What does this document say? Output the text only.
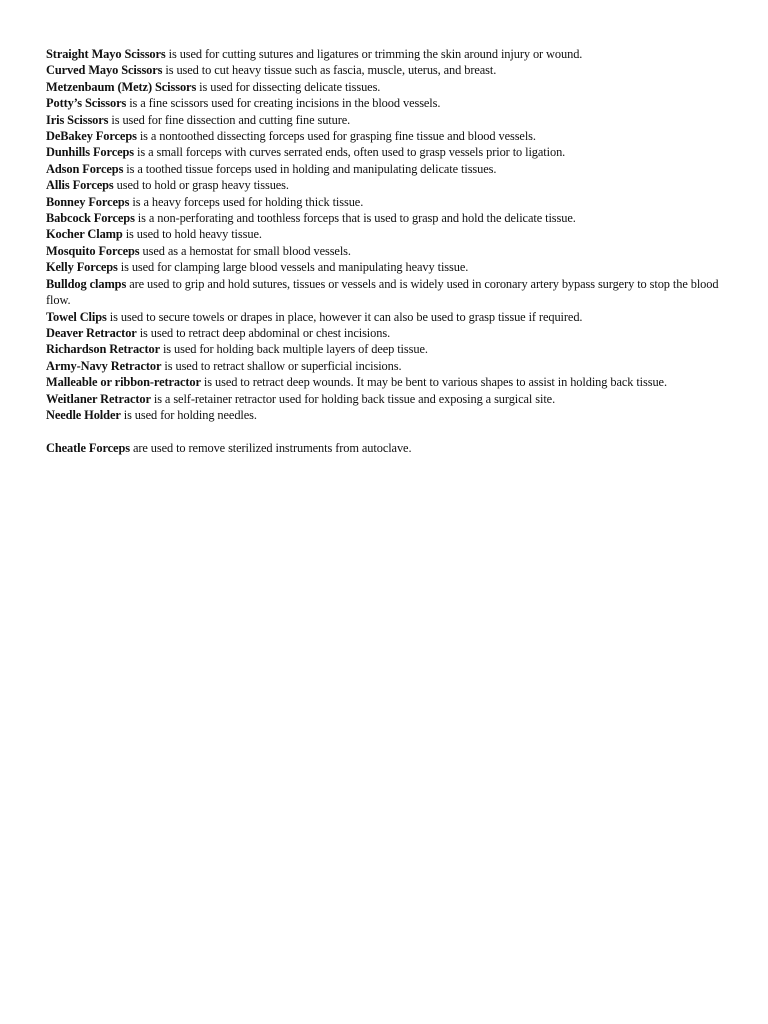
Straight Mayo Scissors is used for cutting sutures and ligatures or trimming the skin around injury or wound.

Curved Mayo Scissors is used to cut heavy tissue such as fascia, muscle, uterus, and breast.

Metzenbaum (Metz) Scissors is used for dissecting delicate tissues.

Potty’s Scissors is a fine scissors used for creating incisions in the blood vessels.

Iris Scissors is used for fine dissection and cutting fine suture.

DeBakey Forceps is a nontoothed dissecting forceps used for grasping fine tissue and blood vessels.

Dunhills Forceps is a small forceps with curves serrated ends, often used to grasp vessels prior to ligation.

Adson Forceps is a toothed tissue forceps used in holding and manipulating delicate tissues.

Allis Forceps used to hold or grasp heavy tissues.

Bonney Forceps is a heavy forceps used for holding thick tissue.

Babcock Forceps is a non-perforating and toothless forceps that is used to grasp and hold the delicate tissue.

Kocher Clamp is used to hold heavy tissue.

Mosquito Forceps used as a hemostat for small blood vessels.

Kelly Forceps is used for clamping large blood vessels and manipulating heavy tissue.

Bulldog clamps are used to grip and hold sutures, tissues or vessels and is widely used in coronary artery bypass surgery to stop the blood flow.

Towel Clips is used to secure towels or drapes in place, however it can also be used to grasp tissue if required.

Deaver Retractor is used to retract deep abdominal or chest incisions.

Richardson Retractor is used for holding back multiple layers of deep tissue.

Army-Navy Retractor is used to retract shallow or superficial incisions.

Malleable or ribbon-retractor is used to retract deep wounds. It may be bent to various shapes to assist in holding back tissue.

Weitlaner Retractor is a self-retainer retractor used for holding back tissue and exposing a surgical site.

Needle Holder is used for holding needles.

Cheatle Forceps are used to remove sterilized instruments from autoclave.
